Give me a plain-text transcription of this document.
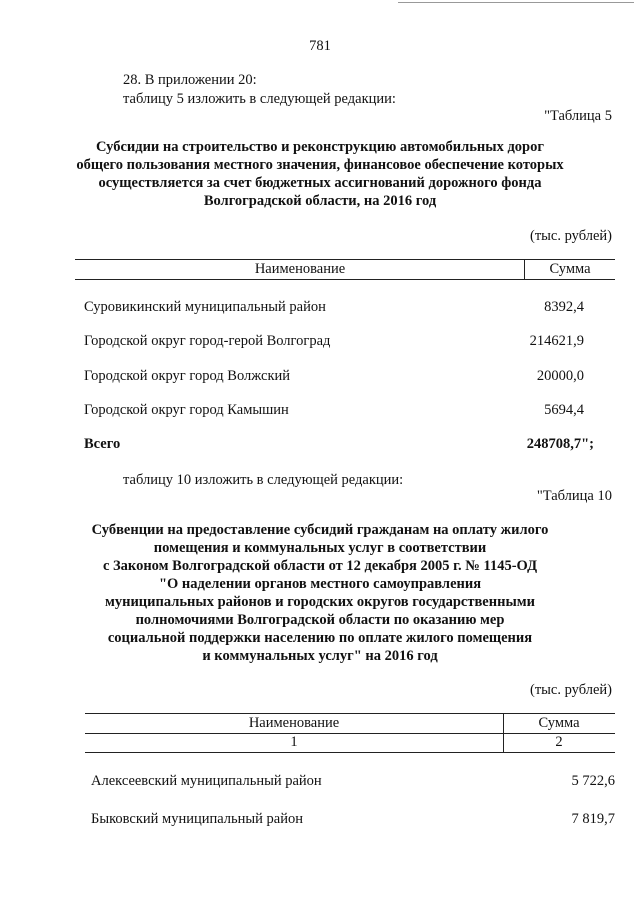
781
28. В приложении 20:
таблицу 5 изложить в следующей редакции:
"Таблица 5
Субсидии на строительство и реконструкцию автомобильных дорог
общего пользования местного значения, финансовое обеспечение которых
осуществляется за счет бюджетных ассигнований дорожного фонда
Волгоградской области, на 2016 год
(тыс. рублей)
Наименование	Сумма
Суровикинский муниципальный район	8392,4
Городской округ город-герой Волгоград	214621,9
Городской округ город Волжский	20000,0
Городской округ город Камышин	5694,4
Всего	248708,7";
таблицу 10 изложить в следующей редакции:
"Таблица 10
Субвенции на предоставление субсидий гражданам на оплату жилого
помещения и коммунальных услуг в соответствии
с Законом Волгоградской области от 12 декабря 2005 г. № 1145-ОД
"О наделении органов местного самоуправления
муниципальных районов и городских округов государственными
полномочиями Волгоградской области по оказанию мер
социальной поддержки населению по оплате жилого помещения
и коммунальных услуг" на 2016 год
(тыс. рублей)
Наименование	Сумма
1	2
Алексеевский муниципальный район	5 722,6
Быковский муниципальный район	7 819,7
